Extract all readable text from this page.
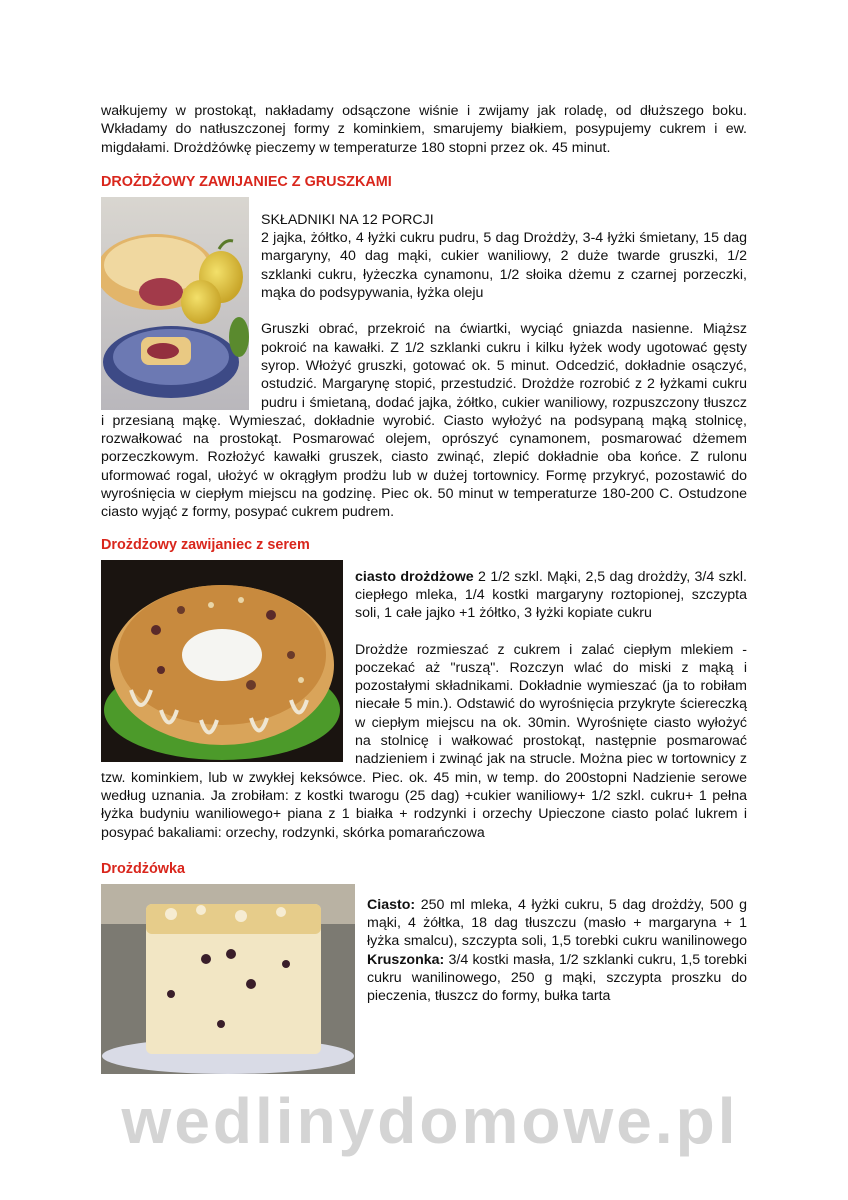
wałkujemy w prostokąt, nakładamy odsączone wiśnie i zwijamy jak roladę, od dłuższego boku. Wkładamy do natłuszczonej formy z kominkiem, smarujemy białkiem, posypujemy cukrem i ew. migdałami. Drożdżówkę pieczemy w temperaturze 180 stopni przez ok. 45 minut.

DROŻDŻOWY ZAWIJANIEC Z GRUSZKAMI

SKŁADNIKI NA 12 PORCJI

2 jajka, żółtko, 4 łyżki cukru pudru, 5 dag Drożdży, 3-4 łyżki śmietany, 15 dag margaryny, 40 dag mąki, cukier waniliowy, 2 duże twarde gruszki, 1/2 szklanki cukru, łyżeczka cynamonu, 1/2 słoika dżemu z czarnej porzeczki, mąka do podsypywania, łyżka oleju

Gruszki obrać, przekroić na ćwiartki, wyciąć gniazda nasienne. Miąższ pokroić na kawałki. Z 1/2 szklanki cukru i kilku łyżek wody ugotować gęsty syrop. Włożyć gruszki, gotować ok. 5 minut. Odcedzić, dokładnie osączyć, ostudzić. Margarynę stopić, przestudzić. Drożdże rozrobić z 2 łyżkami cukru pudru i śmietaną, dodać jajka, żółtko, cukier waniliowy, rozpuszczony tłuszcz i przesianą mąkę. Wymieszać, dokładnie wyrobić. Ciasto wyłożyć na podsypaną mąką stolnicę, rozwałkować na prostokąt. Posmarować olejem, oprószyć cynamonem, posmarować dżemem porzeczkowym. Rozłożyć kawałki gruszek, ciasto zwinąć, zlepić dokładnie oba końce. Z rulonu uformować rogal, ułożyć w okrągłym prodżu lub w dużej tortownicy. Formę przykryć, pozostawić do wyrośnięcia w ciepłym miejscu na godzinę. Piec ok. 50 minut w temperaturze 180-200 C. Ostudzone ciasto wyjąć z formy, posypać cukrem pudrem.

Drożdżowy zawijaniec z serem

ciasto drożdżowe 2 1/2 szkl. Mąki, 2,5 dag drożdży, 3/4 szkl. ciepłego mleka, 1/4 kostki margaryny roztopionej, szczypta soli, 1 całe jajko +1 żółtko, 3 łyżki kopiate cukru

Drożdże rozmieszać z cukrem i zalać ciepłym mlekiem - poczekać aż "ruszą". Rozczyn wlać do miski z mąką i pozostałymi składnikami. Dokładnie wymieszać (ja to robiłam niecałe 5 min.). Odstawić do wyrośnięcia przykryte ściereczką w ciepłym miejscu na ok. 30min. Wyrośnięte ciasto wyłożyć na stolnicę i wałkować prostokąt, następnie posmarować nadzieniem i zwinąć jak na strucle. Można piec w tortownicy z tzw. kominkiem, lub w zwykłej keksówce. Piec. ok. 45 min, w temp. do 200stopni Nadzienie serowe według uznania. Ja zrobiłam: z kostki twarogu (25 dag) +cukier waniliowy+ 1/2 szkl. cukru+ 1 pełna łyżka budyniu waniliowego+ piana z 1 białka + rodzynki i orzechy Upieczone ciasto polać lukrem i posypać bakaliami: orzechy, rodzynki, skórka pomarańczowa

Drożdżówka

Ciasto: 250 ml mleka, 4 łyżki cukru, 5 dag drożdży, 500 g mąki, 4 żółtka, 18 dag tłuszczu (masło + margaryna + 1 łyżka smalcu), szczypta soli, 1,5 torebki cukru wanilinowego Kruszonka: 3/4 kostki masła, 1/2 szklanki cukru, 1,5 torebki cukru wanilinowego, 250 g mąki, szczypta proszku do pieczenia, tłuszcz do formy, bułka tarta

wedlinydomowe.pl
